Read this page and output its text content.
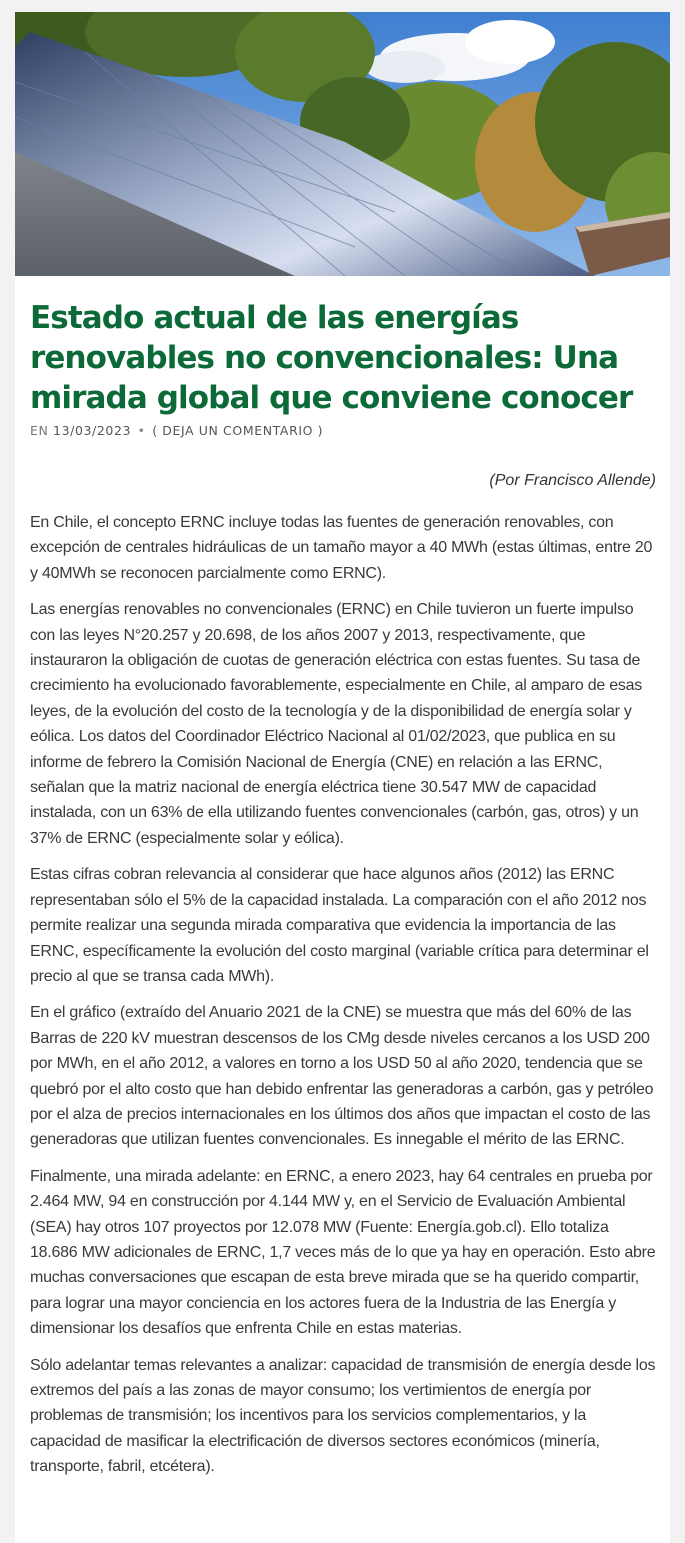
Estado actual de las energías renovables no convencionales: Una mirada global que conviene conocer
EN 13/03/2023 • ( DEJA UN COMENTARIO )
(Por Francisco Allende)

En Chile, el concepto ERNC incluye todas las fuentes de generación renovables, con excepción de centrales hidráulicas de un tamaño mayor a 40 MWh (estas últimas, entre 20 y 40MWh se reconocen parcialmente como ERNC).

Las energías renovables no convencionales (ERNC) en Chile tuvieron un fuerte impulso con las leyes N°20.257 y 20.698, de los años 2007 y 2013, respectivamente, que instauraron la obligación de cuotas de generación eléctrica con estas fuentes. Su tasa de crecimiento ha evolucionado favorablemente, especialmente en Chile, al amparo de esas leyes, de la evolución del costo de la tecnología y de la disponibilidad de energía solar y eólica. Los datos del Coordinador Eléctrico Nacional al 01/02/2023, que publica en su informe de febrero la Comisión Nacional de Energía (CNE) en relación a las ERNC, señalan que la matriz nacional de energía eléctrica tiene 30.547 MW de capacidad instalada, con un 63% de ella utilizando fuentes convencionales (carbón, gas, otros) y un 37% de ERNC (especialmente solar y eólica).

Estas cifras cobran relevancia al considerar que hace algunos años (2012) las ERNC representaban sólo el 5% de la capacidad instalada. La comparación con el año 2012 nos permite realizar una segunda mirada comparativa que evidencia la importancia de las ERNC, específicamente la evolución del costo marginal (variable crítica para determinar el precio al que se transa cada MWh).

En el gráfico (extraído del Anuario 2021 de la CNE) se muestra que más del 60% de las Barras de 220 kV muestran descensos de los CMg desde niveles cercanos a los USD 200 por MWh, en el año 2012, a valores en torno a los USD 50 al año 2020, tendencia que se quebró por el alto costo que han debido enfrentar las generadoras a carbón, gas y petróleo por el alza de precios internacionales en los últimos dos años que impactan el costo de las generadoras que utilizan fuentes convencionales. Es innegable el mérito de las ERNC.

Finalmente, una mirada adelante: en ERNC, a enero 2023, hay 64 centrales en prueba por 2.464 MW, 94 en construcción por 4.144 MW y, en el Servicio de Evaluación Ambiental (SEA) hay otros 107 proyectos por 12.078 MW (Fuente: Energía.gob.cl). Ello totaliza 18.686 MW adicionales de ERNC, 1,7 veces más de lo que ya hay en operación. Esto abre muchas conversaciones que escapan de esta breve mirada que se ha querido compartir, para lograr una mayor conciencia en los actores fuera de la Industria de las Energía y dimensionar los desafíos que enfrenta Chile en estas materias.

Sólo adelantar temas relevantes a analizar: capacidad de transmisión de energía desde los extremos del país a las zonas de mayor consumo; los vertimientos de energía por problemas de transmisión; los incentivos para los servicios complementarios, y la capacidad de masificar la electrificación de diversos sectores económicos (minería, transporte, fabril, etcétera).
